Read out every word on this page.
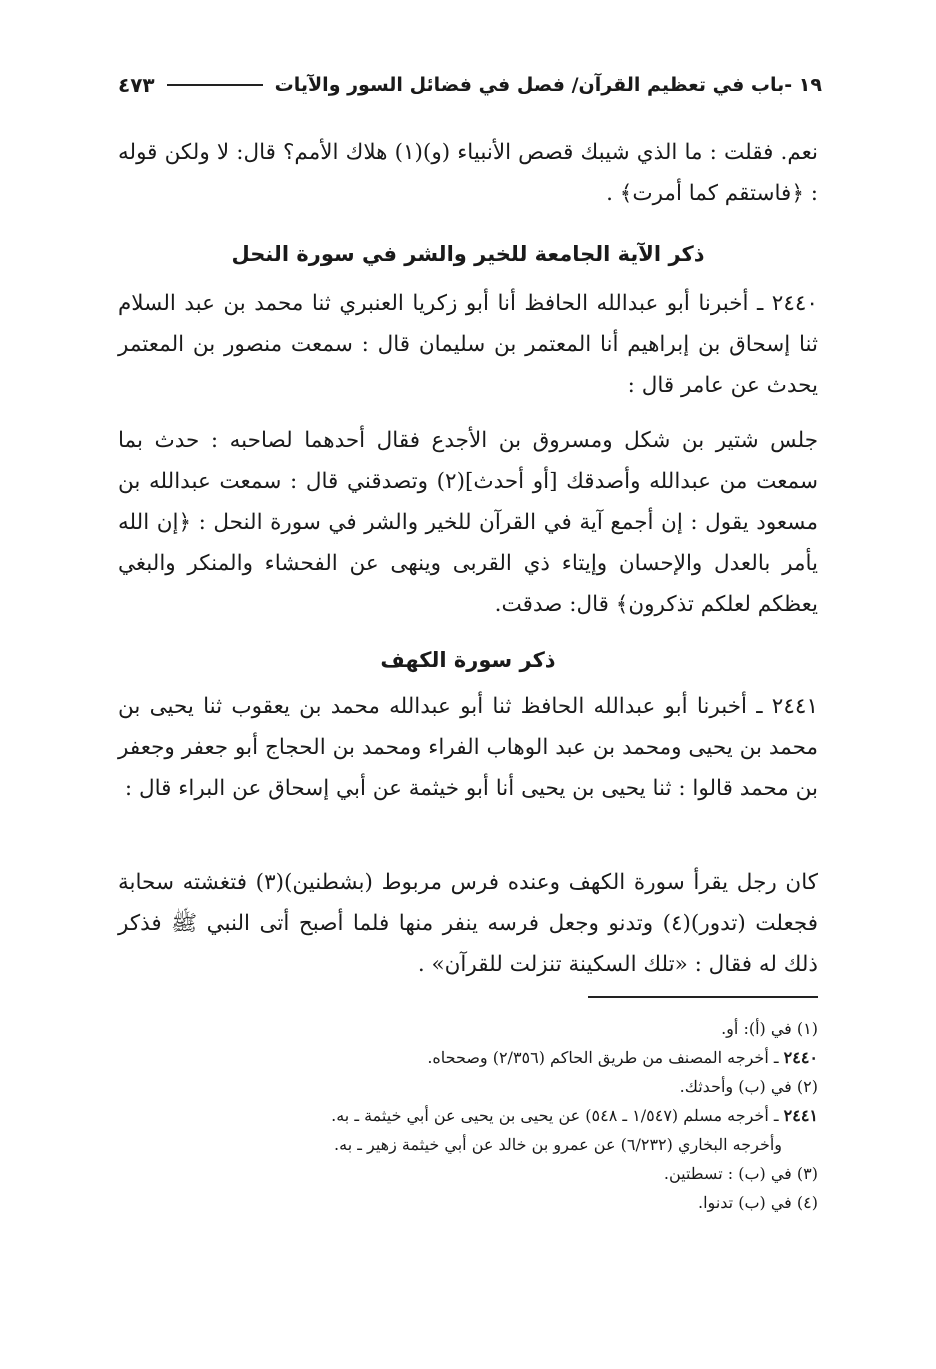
١٩ -باب في تعظيم القرآن/ فصل في فضائل السور والآيات
٤٧٣

نعم. فقلت : ما الذي شيبك قصص الأنبياء (و)(١) هلاك الأمم؟ قال: لا ولكن قوله : ﴿فاستقم كما أمرت﴾ .

ذكر الآية الجامعة للخير والشر في سورة النحل

٢٤٤٠ ـ أخبرنا أبو عبدالله الحافظ أنا أبو زكريا العنبري ثنا محمد بن عبد السلام ثنا إسحاق بن إبراهيم أنا المعتمر بن سليمان قال : سمعت منصور بن المعتمر يحدث عن عامر قال :

جلس شتير بن شكل ومسروق بن الأجدع فقال أحدهما لصاحبه : حدث بما سمعت من عبدالله وأصدقك [أو أحدث](٢) وتصدقني قال : سمعت عبدالله بن مسعود يقول : إن أجمع آية في القرآن للخير والشر في سورة النحل : ﴿إن الله يأمر بالعدل والإحسان وإيتاء ذي القربى وينهى عن الفحشاء والمنكر والبغي يعظكم لعلكم تذكرون﴾ قال: صدقت.

ذكر سورة الكهف

٢٤٤١ ـ أخبرنا أبو عبدالله الحافظ ثنا أبو عبدالله محمد بن يعقوب ثنا يحيى بن محمد بن يحيى ومحمد بن عبد الوهاب الفراء ومحمد بن الحجاج أبو جعفر وجعفر بن محمد قالوا : ثنا يحيى بن يحيى أنا أبو خيثمة عن أبي إسحاق عن البراء قال :

كان رجل يقرأ سورة الكهف وعنده فرس مربوط (بشطنين)(٣) فتغشته سحابة فجعلت (تدور)(٤) وتدنو وجعل فرسه ينفر منها فلما أصبح أتى النبي ﷺ فذكر ذلك له فقال : «تلك السكينة تنزلت للقرآن» .

(١) في (أ): أو.
٢٤٤٠ ـ أخرجه المصنف من طريق الحاكم (٢/٣٥٦) وصححاه.
(٢) في (ب) وأحدثك.
٢٤٤١ ـ أخرجه مسلم (١/٥٤٧ ـ ٥٤٨) عن يحيى بن يحيى عن أبي خيثمة ـ به.
وأخرجه البخاري (٦/٢٣٢) عن عمرو بن خالد عن أبي خيثمة زهير ـ به.
(٣) في (ب) : تسطتين.
(٤) في (ب) تدنوا.
